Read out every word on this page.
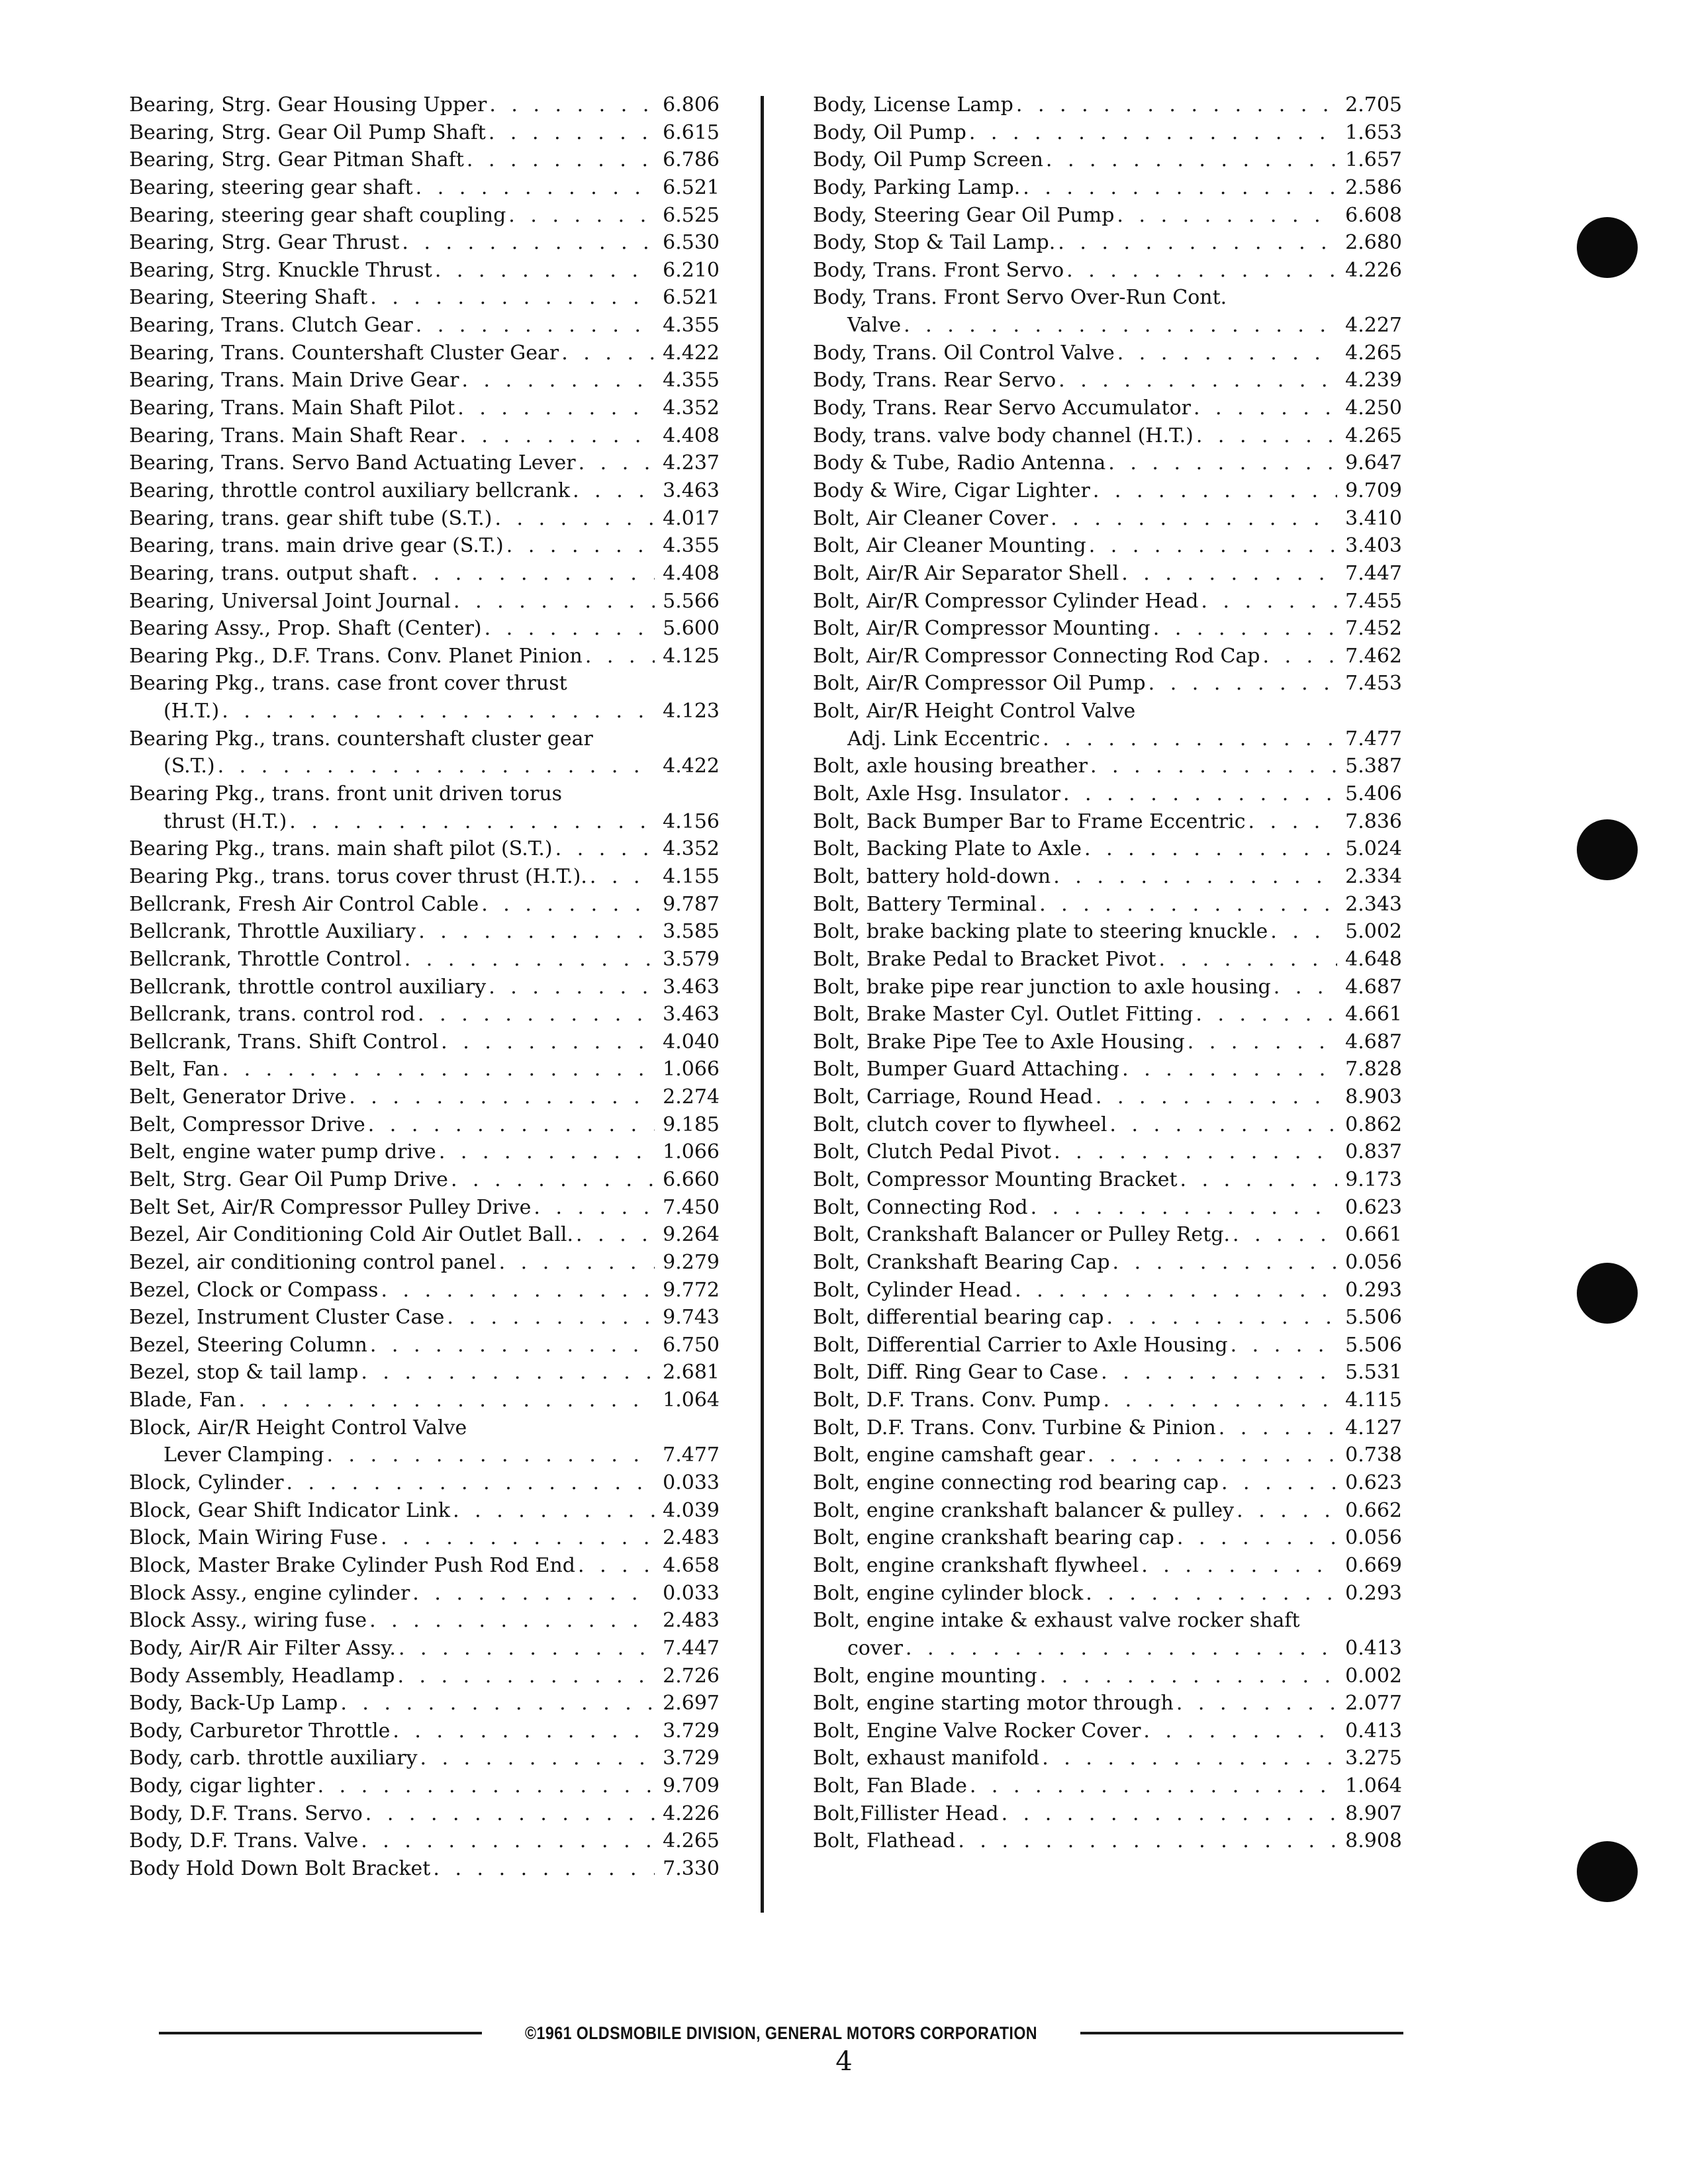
Bearing, Strg. Gear Housing Upper . . .	6.806
Bearing, Strg. Gear Oil Pump Shaft . . .	6.615
Bearing, Strg. Gear Pitman Shaft . . .	6.786
Bearing, steering gear shaft . . .	6.521
Bearing, steering gear shaft coupling . . .	6.525
Bearing, Strg. Gear Thrust . . .	6.530
Bearing, Strg. Knuckle Thrust . . .	6.210
Bearing, Steering Shaft . . .	6.521
Bearing, Trans. Clutch Gear . . .	4.355
Bearing, Trans. Countershaft Cluster Gear . . .	4.422
Bearing, Trans. Main Drive Gear . . .	4.355
Bearing, Trans. Main Shaft Pilot . . .	4.352
Bearing, Trans. Main Shaft Rear . . .	4.408
Bearing, Trans. Servo Band Actuating Lever . . .	4.237
Bearing, throttle control auxiliary bellcrank . . .	3.463
Bearing, trans. gear shift tube (S.T.) . . .	4.017
Bearing, trans. main drive gear (S.T.) . . .	4.355
Bearing, trans. output shaft . . .	4.408
Bearing, Universal Joint Journal . . .	5.566
Bearing Assy., Prop. Shaft (Center) . . .	5.600
Bearing Pkg., D.F. Trans. Conv. Planet Pinion . . .	4.125
Bearing Pkg., trans. case front cover thrust
(H.T.) . . .	4.123
Bearing Pkg., trans. countershaft cluster gear
(S.T.) . . .	4.422
Bearing Pkg., trans. front unit driven torus
thrust (H.T.) . . .	4.156
Bearing Pkg., trans. main shaft pilot (S.T.) . . .	4.352
Bearing Pkg., trans. torus cover thrust (H.T.). . . .	4.155
Bellcrank, Fresh Air Control Cable . . .	9.787
Bellcrank, Throttle Auxiliary . . .	3.585
Bellcrank, Throttle Control . . .	3.579
Bellcrank, throttle control auxiliary . . .	3.463
Bellcrank, trans. control rod . . .	3.463
Bellcrank, Trans. Shift Control . . .	4.040
Belt, Fan . . .	1.066
Belt, Generator Drive . . .	2.274
Belt, Compressor Drive . . .	9.185
Belt, engine water pump drive . . .	1.066
Belt, Strg. Gear Oil Pump Drive . . .	6.660
Belt Set, Air/R Compressor Pulley Drive . . .	7.450
Bezel, Air Conditioning Cold Air Outlet Ball. . . .	9.264
Bezel, air conditioning control panel . . .	9.279
Bezel, Clock or Compass . . .	9.772
Bezel, Instrument Cluster Case . . .	9.743
Bezel, Steering Column . . .	6.750
Bezel, stop & tail lamp . . .	2.681
Blade, Fan . . .	1.064
Block, Air/R Height Control Valve
Lever Clamping . . .	7.477
Block, Cylinder . . .	0.033
Block, Gear Shift Indicator Link . . .	4.039
Block, Main Wiring Fuse . . .	2.483
Block, Master Brake Cylinder Push Rod End . . .	4.658
Block Assy., engine cylinder . . .	0.033
Block Assy., wiring fuse . . .	2.483
Body, Air/R Air Filter Assy. . . .	7.447
Body Assembly, Headlamp . . .	2.726
Body, Back-Up Lamp . . .	2.697
Body, Carburetor Throttle . . .	3.729
Body, carb. throttle auxiliary . . .	3.729
Body, cigar lighter . . .	9.709
Body, D.F. Trans. Servo . . .	4.226
Body, D.F. Trans. Valve . . .	4.265
Body Hold Down Bolt Bracket . . .	7.330
Body, License Lamp . . .	2.705
Body, Oil Pump . . .	1.653
Body, Oil Pump Screen . . .	1.657
Body, Parking Lamp. . . .	2.586
Body, Steering Gear Oil Pump . . .	6.608
Body, Stop & Tail Lamp. . . .	2.680
Body, Trans. Front Servo . . .	4.226
Body, Trans. Front Servo Over-Run Cont.
Valve . . .	4.227
Body, Trans. Oil Control Valve . . .	4.265
Body, Trans. Rear Servo . . .	4.239
Body, Trans. Rear Servo Accumulator . . .	4.250
Body, trans. valve body channel (H.T.) . . .	4.265
Body & Tube, Radio Antenna . . .	9.647
Body & Wire, Cigar Lighter . . .	9.709
Bolt, Air Cleaner Cover . . .	3.410
Bolt, Air Cleaner Mounting . . .	3.403
Bolt, Air/R Air Separator Shell . . .	7.447
Bolt, Air/R Compressor Cylinder Head . . .	7.455
Bolt, Air/R Compressor Mounting . . .	7.452
Bolt, Air/R Compressor Connecting Rod Cap . . .	7.462
Bolt, Air/R Compressor Oil Pump . . .	7.453
Bolt, Air/R Height Control Valve
Adj. Link Eccentric . . .	7.477
Bolt, axle housing breather . . .	5.387
Bolt, Axle Hsg. Insulator . . .	5.406
Bolt, Back Bumper Bar to Frame Eccentric . . .	7.836
Bolt, Backing Plate to Axle . . .	5.024
Bolt, battery hold-down . . .	2.334
Bolt, Battery Terminal . . .	2.343
Bolt, brake backing plate to steering knuckle . . .	5.002
Bolt, Brake Pedal to Bracket Pivot . . .	4.648
Bolt, brake pipe rear junction to axle housing . . .	4.687
Bolt, Brake Master Cyl. Outlet Fitting . . .	4.661
Bolt, Brake Pipe Tee to Axle Housing . . .	4.687
Bolt, Bumper Guard Attaching . . .	7.828
Bolt, Carriage, Round Head . . .	8.903
Bolt, clutch cover to flywheel . . .	0.862
Bolt, Clutch Pedal Pivot . . .	0.837
Bolt, Compressor Mounting Bracket . . .	9.173
Bolt, Connecting Rod . . .	0.623
Bolt, Crankshaft Balancer or Pulley Retg. . . .	0.661
Bolt, Crankshaft Bearing Cap . . .	0.056
Bolt, Cylinder Head . . .	0.293
Bolt, differential bearing cap . . .	5.506
Bolt, Differential Carrier to Axle Housing . . .	5.506
Bolt, Diff. Ring Gear to Case . . .	5.531
Bolt, D.F. Trans. Conv. Pump . . .	4.115
Bolt, D.F. Trans. Conv. Turbine & Pinion . . .	4.127
Bolt, engine camshaft gear . . .	0.738
Bolt, engine connecting rod bearing cap . . .	0.623
Bolt, engine crankshaft balancer & pulley . . .	0.662
Bolt, engine crankshaft bearing cap . . .	0.056
Bolt, engine crankshaft flywheel . . .	0.669
Bolt, engine cylinder block . . .	0.293
Bolt, engine intake & exhaust valve rocker shaft
cover . . .	0.413
Bolt, engine mounting . . .	0.002
Bolt, engine starting motor through . . .	2.077
Bolt, Engine Valve Rocker Cover . . .	0.413
Bolt, exhaust manifold . . .	3.275
Bolt, Fan Blade . . .	1.064
Bolt,Fillister Head . . .	8.907
Bolt, Flathead . . .	8.908
©1961 OLDSMOBILE DIVISION, GENERAL MOTORS CORPORATION
4
